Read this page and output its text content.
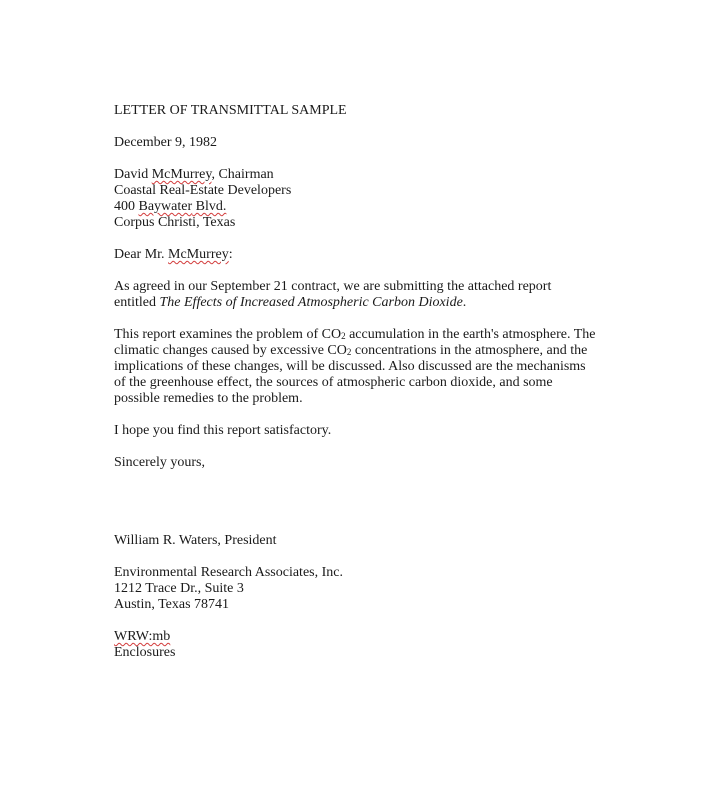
LETTER OF TRANSMITTAL SAMPLE
December 9, 1982
David McMurrey, Chairman
Coastal Real-Estate Developers
400 Baywater Blvd.
Corpus Christi, Texas
Dear Mr. McMurrey:
As agreed in our September 21 contract, we are submitting the attached report
entitled The Effects of Increased Atmospheric Carbon Dioxide.
This report examines the problem of $CO_2$ accumulation in the earth's atmosphere. The
climatic changes caused by excessive $CO_2$ concentrations in the atmosphere, and the
implications of these changes, will be discussed. Also discussed are the mechanisms
of the greenhouse effect, the sources of atmospheric carbon dioxide, and some
possible remedies to the problem.
I hope you find this report satisfactory.
Sincerely yours,
William R. Waters, President
Environmental Research Associates, Inc.
1212 Trace Dr., Suite 3
Austin, Texas 78741
WRW:mb
Enclosures
